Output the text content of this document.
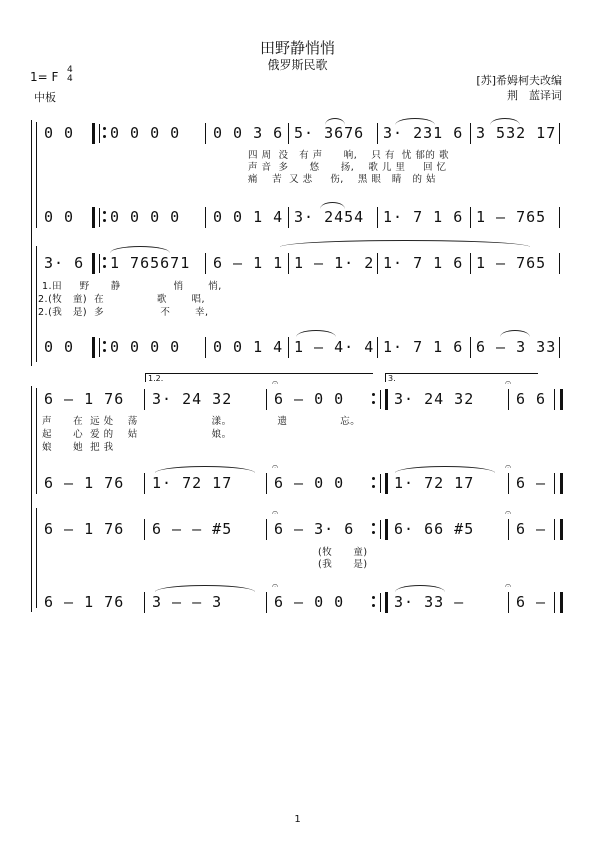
田野静悄悄
俄罗斯民歌
1= F 4
4
中板
[苏]希姆柯夫改编
荆　蓝译词
0 0	0 0 0 0	0 0 3 6 5· 3676	3· 231 6 3 532 17
四 周  没   有 声      响,    只 有  忧 郁的 歌
声 音  多      悠      扬,    歌 儿 里     回 忆
痛    苦  又 悲     伤,    黑 眼   睛   的 姑
0 0	0 0 0 0	0 0 1 4 3· 2454	1· 7 1 6 1 – 765
3· 6	1 765671	6 – 1 1 1 – 1· 2 1· 7 1 6 1 – 765
1.田     野      静               悄       悄,
2.(牧   童)  在               歌       唱,
2.(我   是)  多                不       幸,
0 0	0 0 0 0	0 0 1 4 1 – 4· 4 1· 7 1 6 6 – 3 33
1.2.	3.
6 – 1 76	3· 24 32	6 – 0 0	3· 24 32	6 6
𝄐	𝄐
声      在  远 处    荡                     漾。             遗               忘。
起      心  爱 的    姑                     娘。
娘      她  把 我
6 – 1 76	1· 72 17	6 – 0 0	1· 72 17	6 –
𝄐	𝄐
6 – 1 76	6 – – #5	6 – 3· 6	6· 66 #5	6 –
𝄐	𝄐
(牧      童)
(我      是)
6 – 1 76	3 – – 3	6 – 0 0	3· 33 –	6 –
𝄐	𝄐
1
